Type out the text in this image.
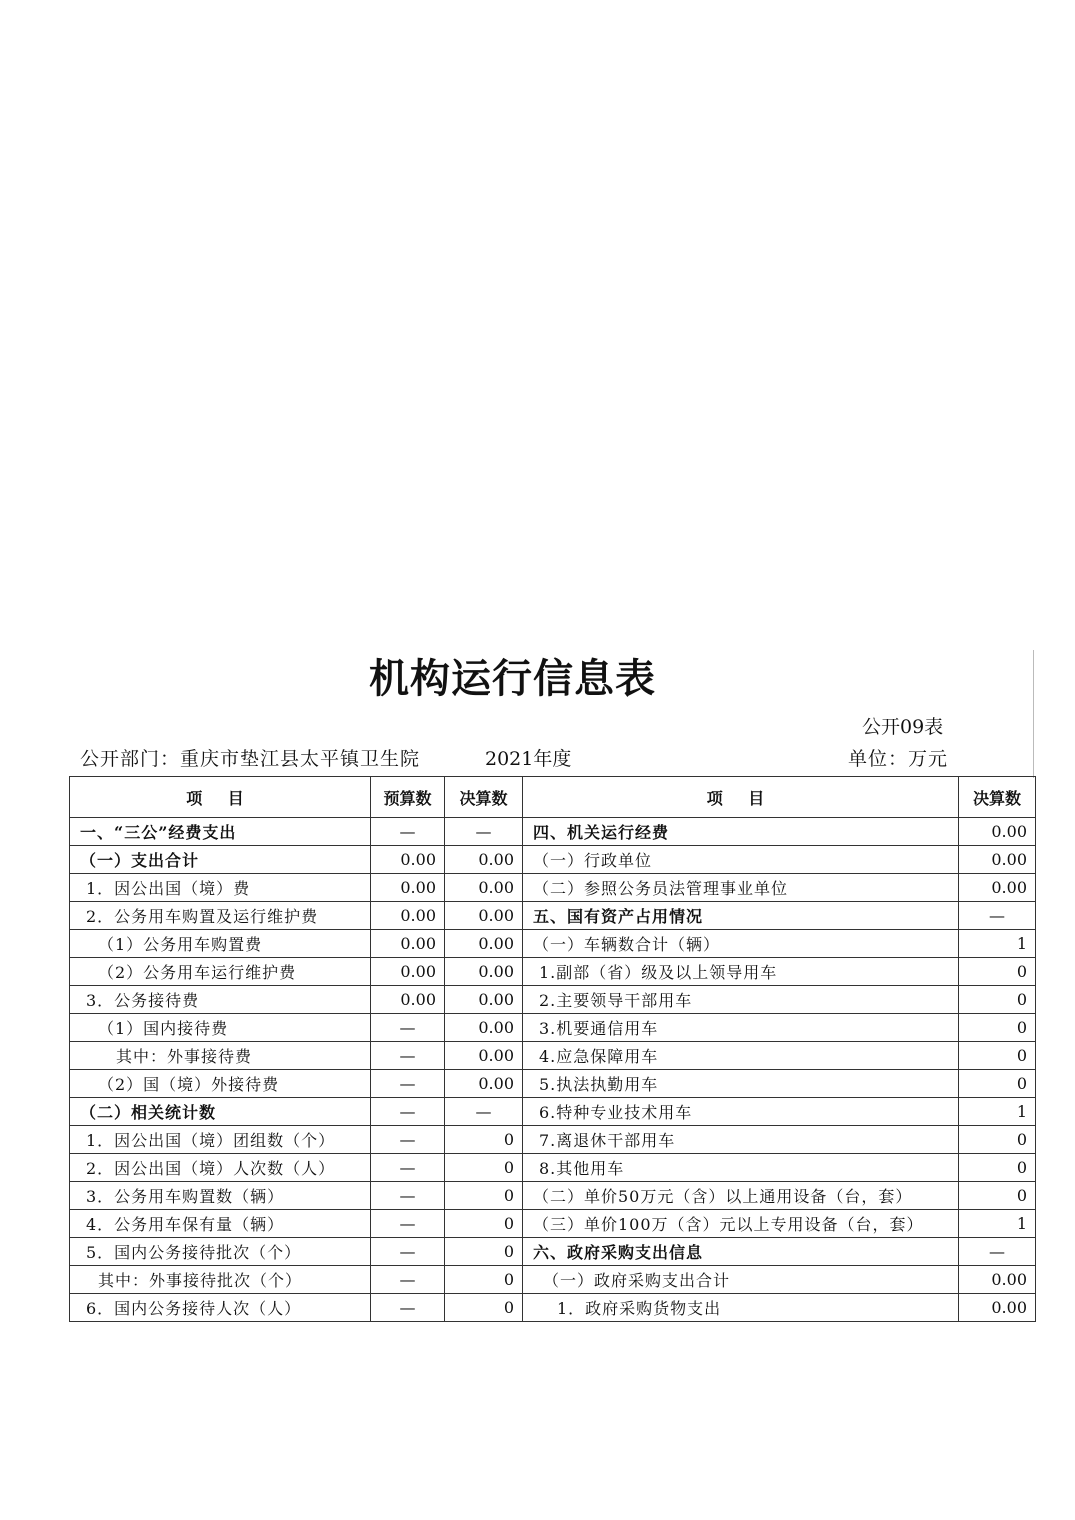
机构运行信息表
公开09表
公开部门：重庆市垫江县太平镇卫生院	2021年度	单位：万元
项 目	预算数	决算数	项 目	决算数
一、“三公”经费支出	—	—	四、机关运行经费	0.00
（一）支出合计	0.00	0.00	（一）行政单位	0.00
1．因公出国（境）费	0.00	0.00	（二）参照公务员法管理事业单位	0.00
2．公务用车购置及运行维护费	0.00	0.00	五、国有资产占用情况	—
（1）公务用车购置费	0.00	0.00	（一）车辆数合计（辆）	1
（2）公务用车运行维护费	0.00	0.00	1.副部（省）级及以上领导用车	0
3．公务接待费	0.00	0.00	2.主要领导干部用车	0
（1）国内接待费	—	0.00	3.机要通信用车	0
其中：外事接待费	—	0.00	4.应急保障用车	0
（2）国（境）外接待费	—	0.00	5.执法执勤用车	0
（二）相关统计数	—	—	6.特种专业技术用车	1
1．因公出国（境）团组数（个）	—	0	7.离退休干部用车	0
2．因公出国（境）人次数（人）	—	0	8.其他用车	0
3．公务用车购置数（辆）	—	0	（二）单价50万元（含）以上通用设备（台，套）	0
4．公务用车保有量（辆）	—	0	（三）单价100万（含）元以上专用设备（台，套）	1
5．国内公务接待批次（个）	—	0	六、政府采购支出信息	—
其中：外事接待批次（个）	—	0	（一）政府采购支出合计	0.00
6．国内公务接待人次（人）	—	0	1．政府采购货物支出	0.00
